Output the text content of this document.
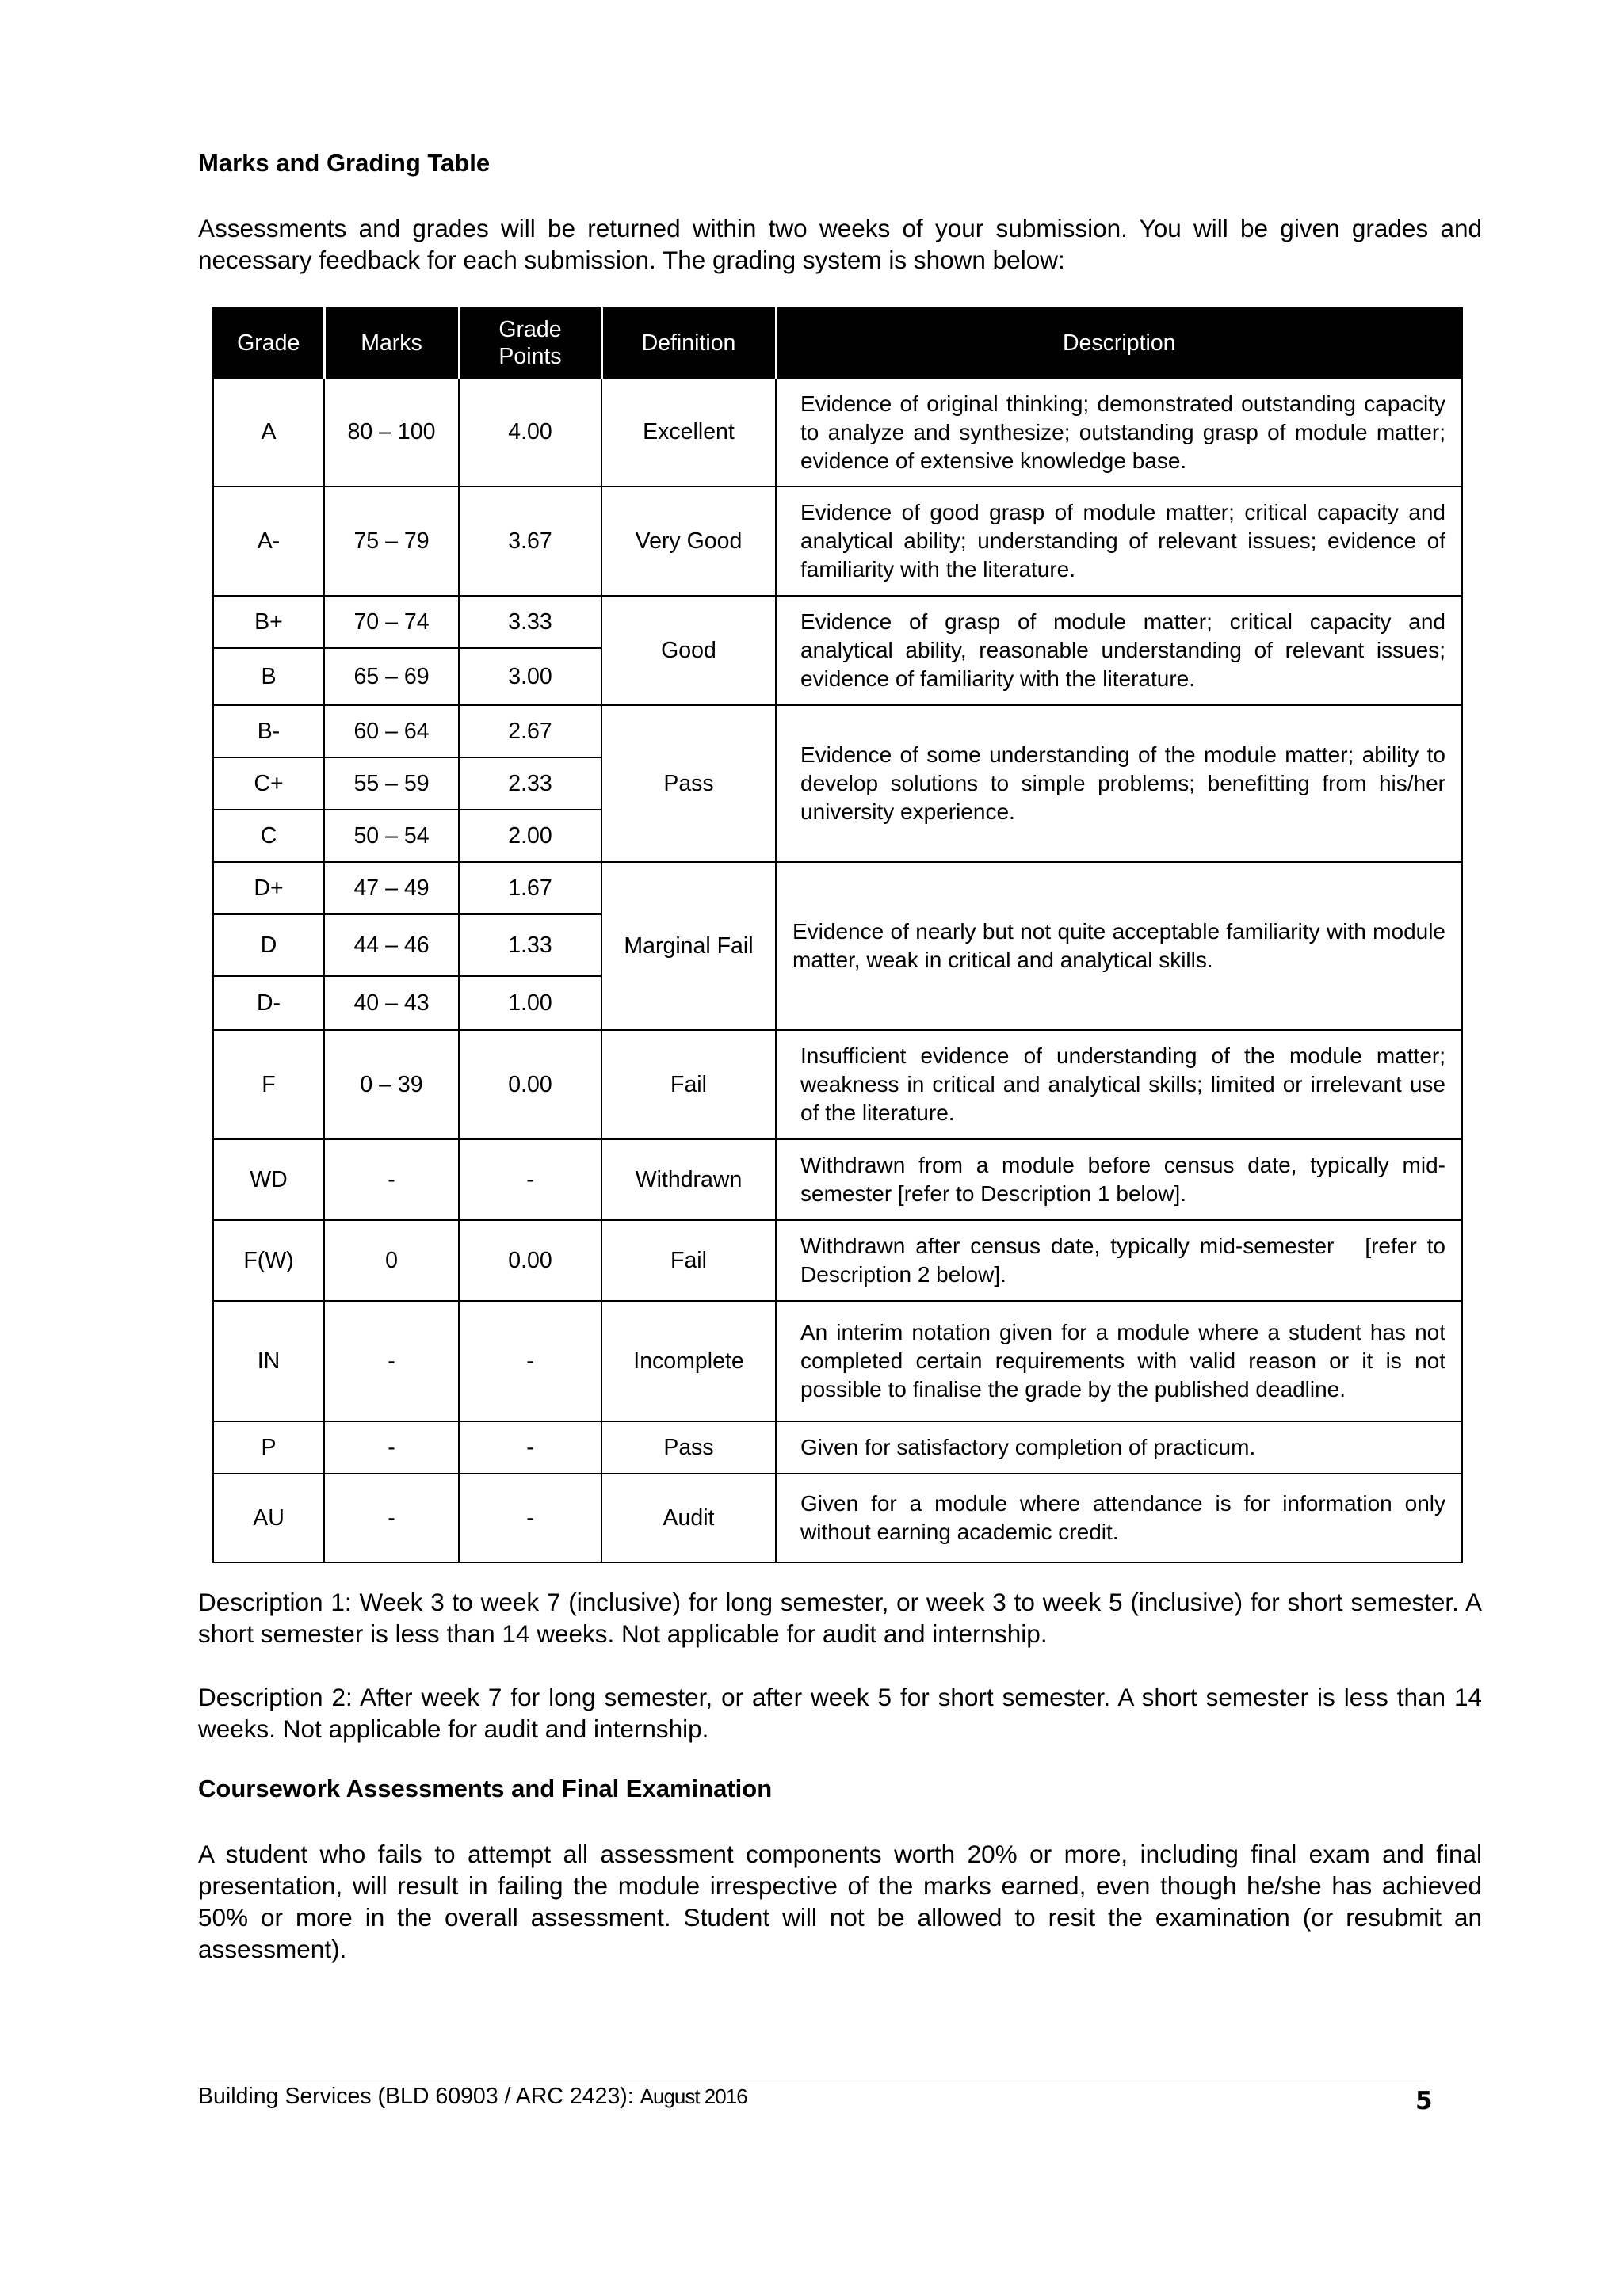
Marks and Grading Table

Assessments and grades will be returned within two weeks of your submission. You will be given grades and necessary feedback for each submission. The grading system is shown below:

Grade	Marks	Grade Points	Definition	Description
A	80 – 100	4.00	Excellent	Evidence of original thinking; demonstrated outstanding capacity to analyze and synthesize; outstanding grasp of module matter; evidence of extensive knowledge base.
A-	75 – 79	3.67	Very Good	Evidence of good grasp of module matter; critical capacity and analytical ability; understanding of relevant issues; evidence of familiarity with the literature.
B+	70 – 74	3.33	Good	Evidence of grasp of module matter; critical capacity and analytical ability, reasonable understanding of relevant issues; evidence of familiarity with the literature.
B	65 – 69	3.00		
B-	60 – 64	2.67	Pass	Evidence of some understanding of the module matter; ability to develop solutions to simple problems; benefitting from his/her university experience.
C+	55 – 59	2.33		
C	50 – 54	2.00		
D+	47 – 49	1.67	Marginal Fail	Evidence of nearly but not quite acceptable familiarity with module matter, weak in critical and analytical skills.
D	44 – 46	1.33		
D-	40 – 43	1.00		
F	0 – 39	0.00	Fail	Insufficient evidence of understanding of the module matter; weakness in critical and analytical skills; limited or irrelevant use of the literature.
WD	-	-	Withdrawn	Withdrawn from a module before census date, typically mid-semester [refer to Description 1 below].
F(W)	0	0.00	Fail	Withdrawn after census date, typically mid-semester   [refer to Description 2 below].
IN	-	-	Incomplete	An interim notation given for a module where a student has not completed certain requirements with valid reason or it is not possible to finalise the grade by the published deadline.
P	-	-	Pass	Given for satisfactory completion of practicum.
AU	-	-	Audit	Given for a module where attendance is for information only without earning academic credit.

Description 1: Week 3 to week 7 (inclusive) for long semester, or week 3 to week 5 (inclusive) for short semester. A short semester is less than 14 weeks. Not applicable for audit and internship.

Description 2: After week 7 for long semester, or after week 5 for short semester. A short semester is less than 14 weeks. Not applicable for audit and internship.

Coursework Assessments and Final Examination

A student who fails to attempt all assessment components worth 20% or more, including final exam and final presentation, will result in failing the module irrespective of the marks earned, even though he/she has achieved 50% or more in the overall assessment. Student will not be allowed to resit the examination (or resubmit an assessment).

Building Services (BLD 60903 / ARC 2423): August 2016	5
